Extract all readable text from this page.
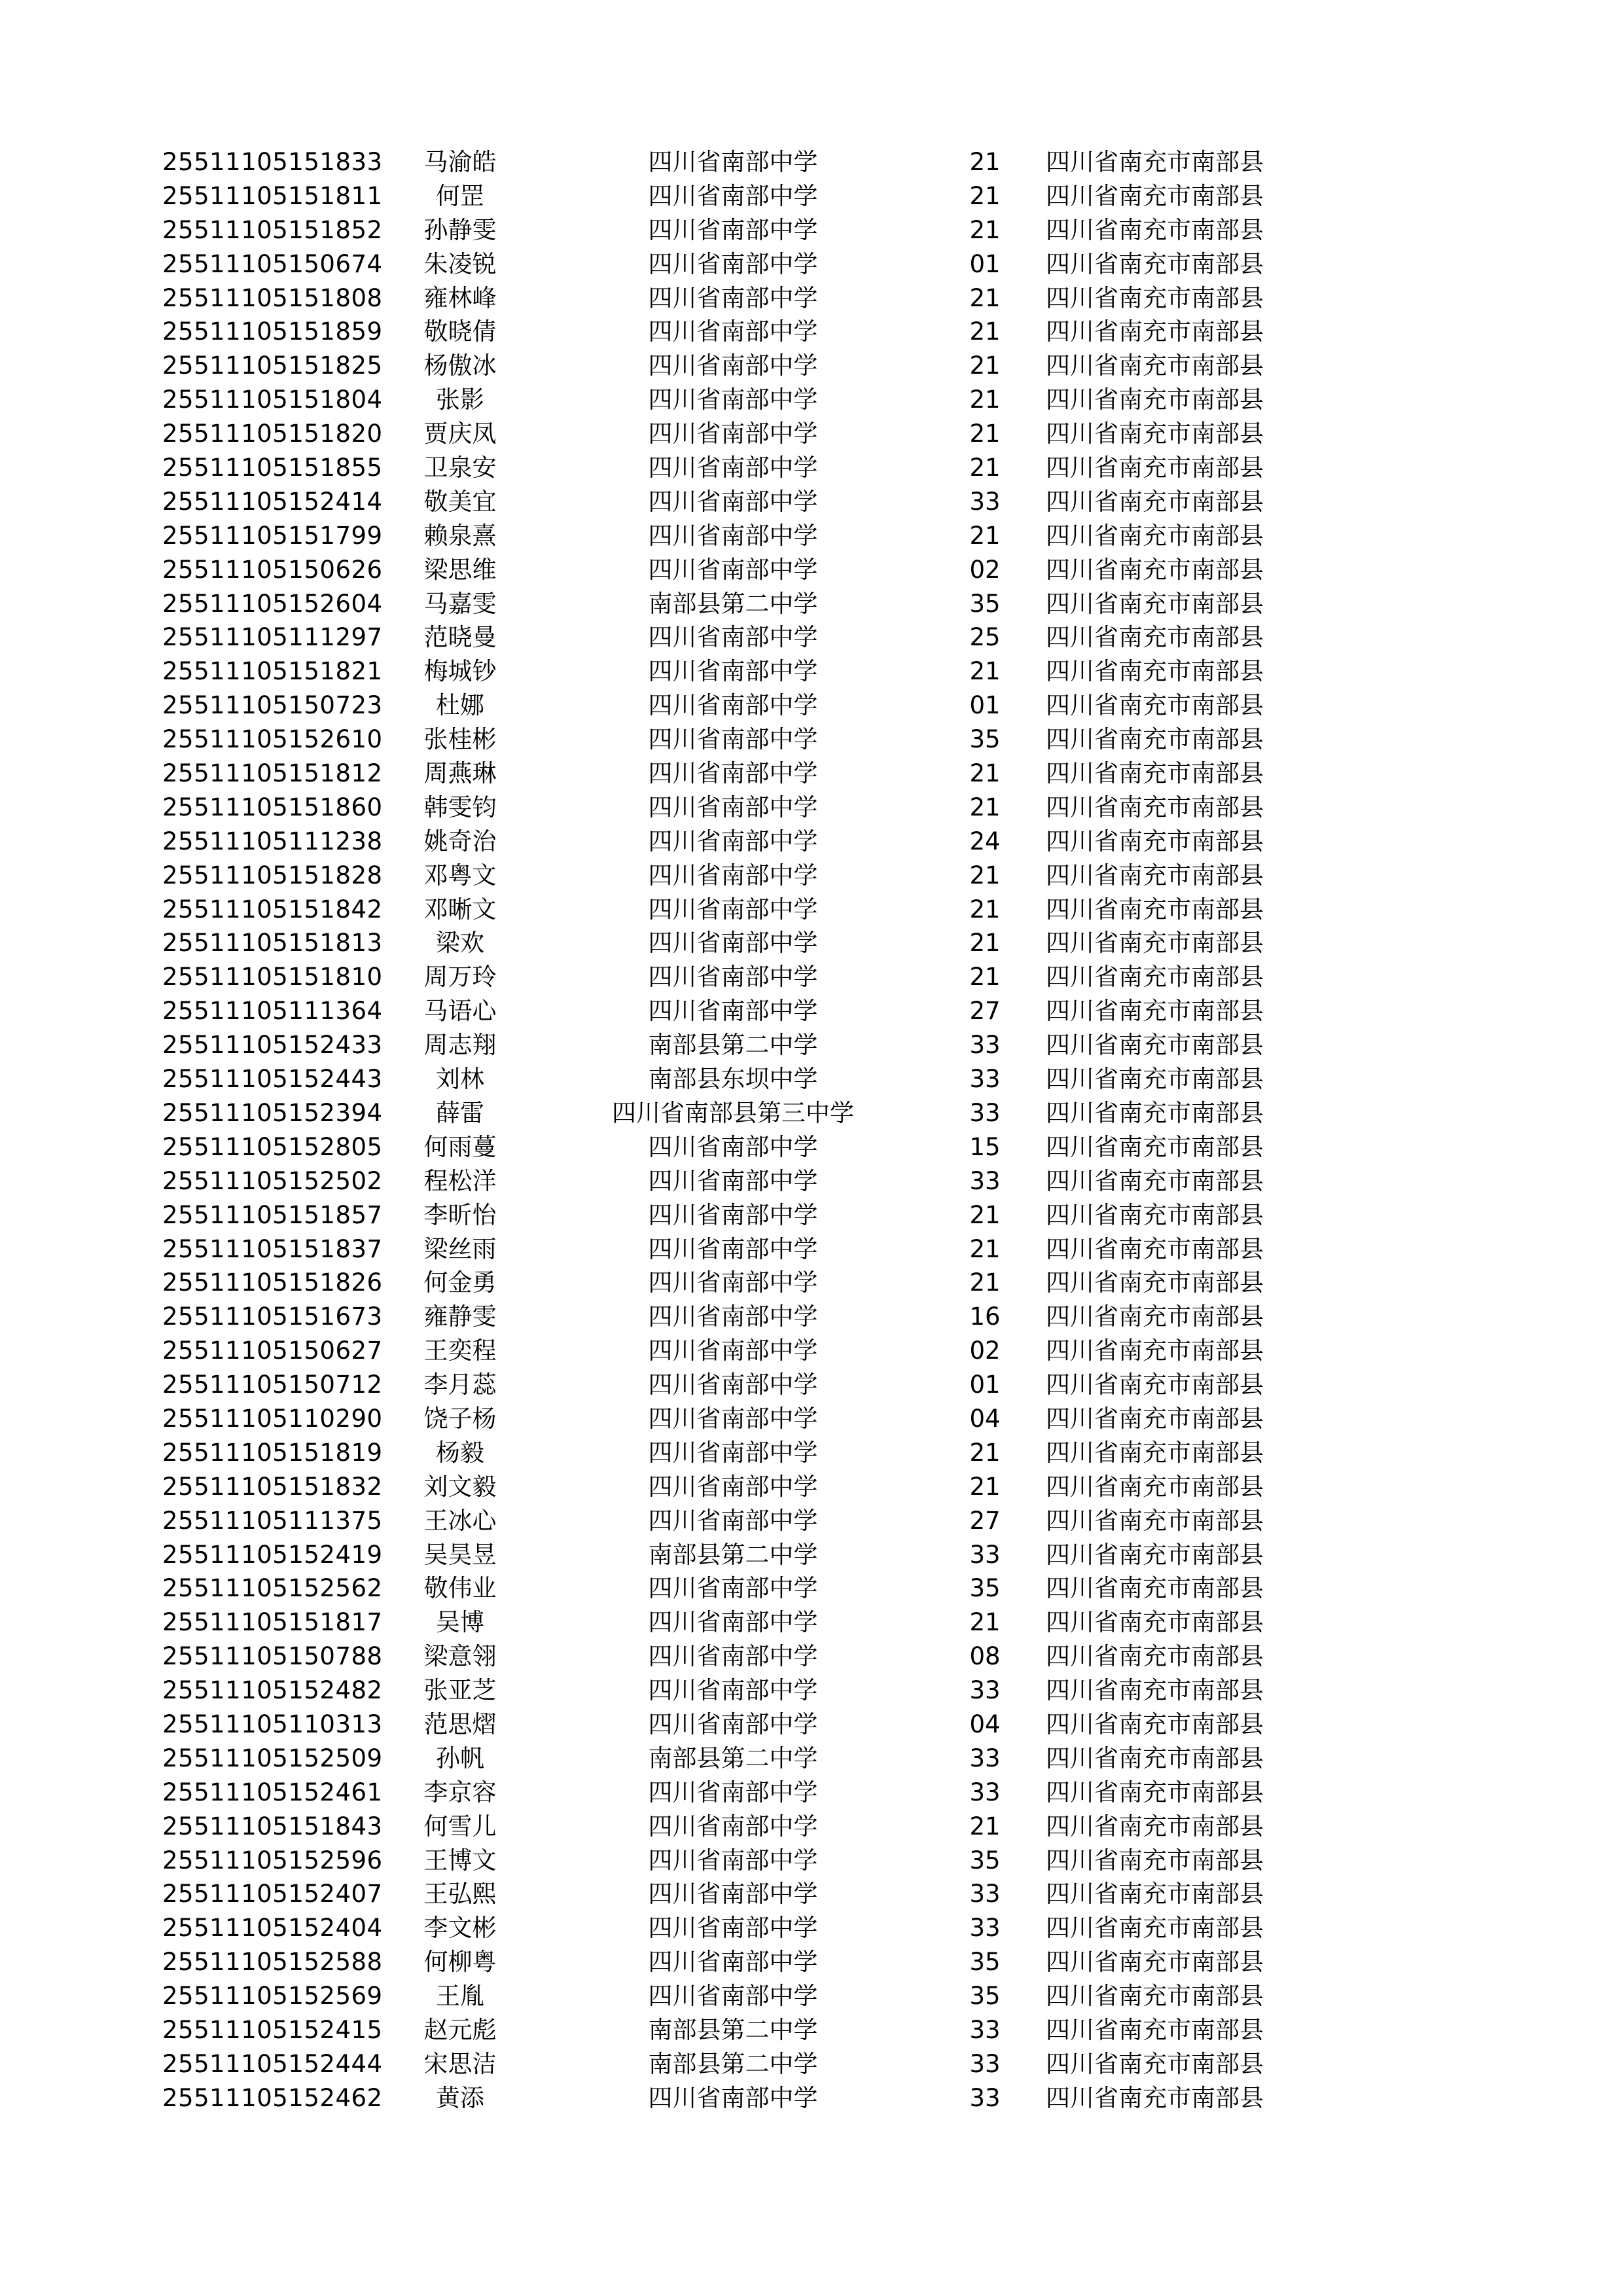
25511105151833	马渝皓	四川省南部中学	21	四川省南充市南部县
25511105151811	何罡	四川省南部中学	21	四川省南充市南部县
25511105151852	孙静雯	四川省南部中学	21	四川省南充市南部县
25511105150674	朱凌锐	四川省南部中学	01	四川省南充市南部县
25511105151808	雍林峰	四川省南部中学	21	四川省南充市南部县
25511105151859	敬晓倩	四川省南部中学	21	四川省南充市南部县
25511105151825	杨傲冰	四川省南部中学	21	四川省南充市南部县
25511105151804	张影	四川省南部中学	21	四川省南充市南部县
25511105151820	贾庆凤	四川省南部中学	21	四川省南充市南部县
25511105151855	卫泉安	四川省南部中学	21	四川省南充市南部县
25511105152414	敬美宜	四川省南部中学	33	四川省南充市南部县
25511105151799	赖泉熹	四川省南部中学	21	四川省南充市南部县
25511105150626	梁思维	四川省南部中学	02	四川省南充市南部县
25511105152604	马嘉雯	南部县第二中学	35	四川省南充市南部县
25511105111297	范晓曼	四川省南部中学	25	四川省南充市南部县
25511105151821	梅城钞	四川省南部中学	21	四川省南充市南部县
25511105150723	杜娜	四川省南部中学	01	四川省南充市南部县
25511105152610	张桂彬	四川省南部中学	35	四川省南充市南部县
25511105151812	周燕琳	四川省南部中学	21	四川省南充市南部县
25511105151860	韩雯钧	四川省南部中学	21	四川省南充市南部县
25511105111238	姚奇治	四川省南部中学	24	四川省南充市南部县
25511105151828	邓粤文	四川省南部中学	21	四川省南充市南部县
25511105151842	邓晰文	四川省南部中学	21	四川省南充市南部县
25511105151813	梁欢	四川省南部中学	21	四川省南充市南部县
25511105151810	周万玲	四川省南部中学	21	四川省南充市南部县
25511105111364	马语心	四川省南部中学	27	四川省南充市南部县
25511105152433	周志翔	南部县第二中学	33	四川省南充市南部县
25511105152443	刘林	南部县东坝中学	33	四川省南充市南部县
25511105152394	薛雷	四川省南部县第三中学	33	四川省南充市南部县
25511105152805	何雨蔓	四川省南部中学	15	四川省南充市南部县
25511105152502	程松洋	四川省南部中学	33	四川省南充市南部县
25511105151857	李昕怡	四川省南部中学	21	四川省南充市南部县
25511105151837	梁丝雨	四川省南部中学	21	四川省南充市南部县
25511105151826	何金勇	四川省南部中学	21	四川省南充市南部县
25511105151673	雍静雯	四川省南部中学	16	四川省南充市南部县
25511105150627	王奕程	四川省南部中学	02	四川省南充市南部县
25511105150712	李月蕊	四川省南部中学	01	四川省南充市南部县
25511105110290	饶子杨	四川省南部中学	04	四川省南充市南部县
25511105151819	杨毅	四川省南部中学	21	四川省南充市南部县
25511105151832	刘文毅	四川省南部中学	21	四川省南充市南部县
25511105111375	王冰心	四川省南部中学	27	四川省南充市南部县
25511105152419	吴昊昱	南部县第二中学	33	四川省南充市南部县
25511105152562	敬伟业	四川省南部中学	35	四川省南充市南部县
25511105151817	吴博	四川省南部中学	21	四川省南充市南部县
25511105150788	梁意翎	四川省南部中学	08	四川省南充市南部县
25511105152482	张亚芝	四川省南部中学	33	四川省南充市南部县
25511105110313	范思熠	四川省南部中学	04	四川省南充市南部县
25511105152509	孙帆	南部县第二中学	33	四川省南充市南部县
25511105152461	李京容	四川省南部中学	33	四川省南充市南部县
25511105151843	何雪儿	四川省南部中学	21	四川省南充市南部县
25511105152596	王博文	四川省南部中学	35	四川省南充市南部县
25511105152407	王弘熙	四川省南部中学	33	四川省南充市南部县
25511105152404	李文彬	四川省南部中学	33	四川省南充市南部县
25511105152588	何柳粤	四川省南部中学	35	四川省南充市南部县
25511105152569	王胤	四川省南部中学	35	四川省南充市南部县
25511105152415	赵元彪	南部县第二中学	33	四川省南充市南部县
25511105152444	宋思洁	南部县第二中学	33	四川省南充市南部县
25511105152462	黄添	四川省南部中学	33	四川省南充市南部县
